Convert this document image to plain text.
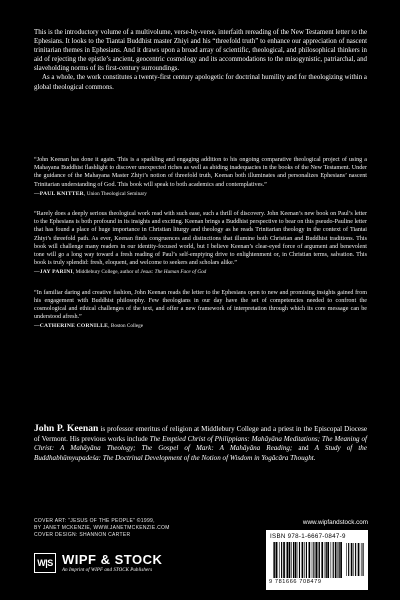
This is the introductory volume of a multivolume, verse-by-verse, interfaith rereading of the New Testament letter to the Ephesians. It looks to the Tiantai Buddhist master Zhiyi and his “threefold truth” to enhance our appreciation of nascent trinitarian themes in Ephesians. And it draws upon a broad array of scientific, theological, and philosophical thinkers in aid of rejecting the epistle’s ancient, geocentric cosmology and its accommodations to the misogynistic, patriarchal, and slaveholding norms of its first-century surroundings.

As a whole, the work constitutes a twenty-first century apologetic for doctrinal humility and for theologizing within a global theological commons.

“John Keenan has done it again. This is a sparkling and engaging addition to his ongoing comparative theological project of using a Mahayana Buddhist flashlight to discover unexpected riches as well as abiding inadequacies in the books of the New Testament. Under the guidance of the Mahayana Master Zhiyi’s notion of threefold truth, Keenan both illuminates and personalizes Ephesians’ nascent Trinitarian understanding of God. This book will speak to both academics and contemplatives.”

—PAUL KNITTER, Union Theological Seminary

“Rarely does a deeply serious theological work read with such ease, such a thrill of discovery. John Keenan’s new book on Paul’s letter to the Ephesians is both profound in its insights and exciting. Keenan brings a Buddhist perspective to bear on this pseudo-Pauline letter that has found a place of huge importance in Christian liturgy and theology as he reads Trinitarian theology in the context of Tiantai Zhiyi’s threefold path. As ever, Keenan finds congruences and distinctions that illumine both Christian and Buddhist traditions. This book will challenge many readers in our identity-focused world, but I believe Keenan’s clear-eyed force of argument and benevolent tone will go a long way toward a fresh reading of Paul’s self-emptying drive to enlightenment or, in Christian terms, salvation. This book is truly splendid: fresh, eloquent, and welcome to seekers and scholars alike.”

—JAY PARINI, Middlebury College, author of Jesus: The Human Face of God

“In familiar daring and creative fashion, John Keenan reads the letter to the Ephesians open to new and promising insights gained from his engagement with Buddhist philosophy. Few theologians in our day have the set of competencies needed to confront the cosmological and ethical challenges of the text, and offer a new framework of interpretation through which its core message can be understood afresh.”

—CATHERINE CORNILLE, Boston College
John P. Keenan is professor emeritus of religion at Middlebury College and a priest in the Episcopal Diocese of Vermont. His previous works include The Emptied Christ of Philippians: Mahāyāna Meditations; The Meaning of Christ: A Mahāyāna Theology; The Gospel of Mark: A Mahāyāna Reading; and A Study of the Buddhabhūmyupadeśa: The Doctrinal Development of the Notion of Wisdom in Yogācāra Thought.
COVER ART: “JESUS OF THE PEOPLE” ©1999,
BY JANET MCKENZIE, WWW.JANETMCKENZIE.COM
COVER DESIGN: SHANNON CARTER
www.wipfandstock.com
ISBN 978-1-6667-0847-9
9 781666 708479
W|S WIPF & STOCK
An Imprint of WIPF and STOCK Publishers
